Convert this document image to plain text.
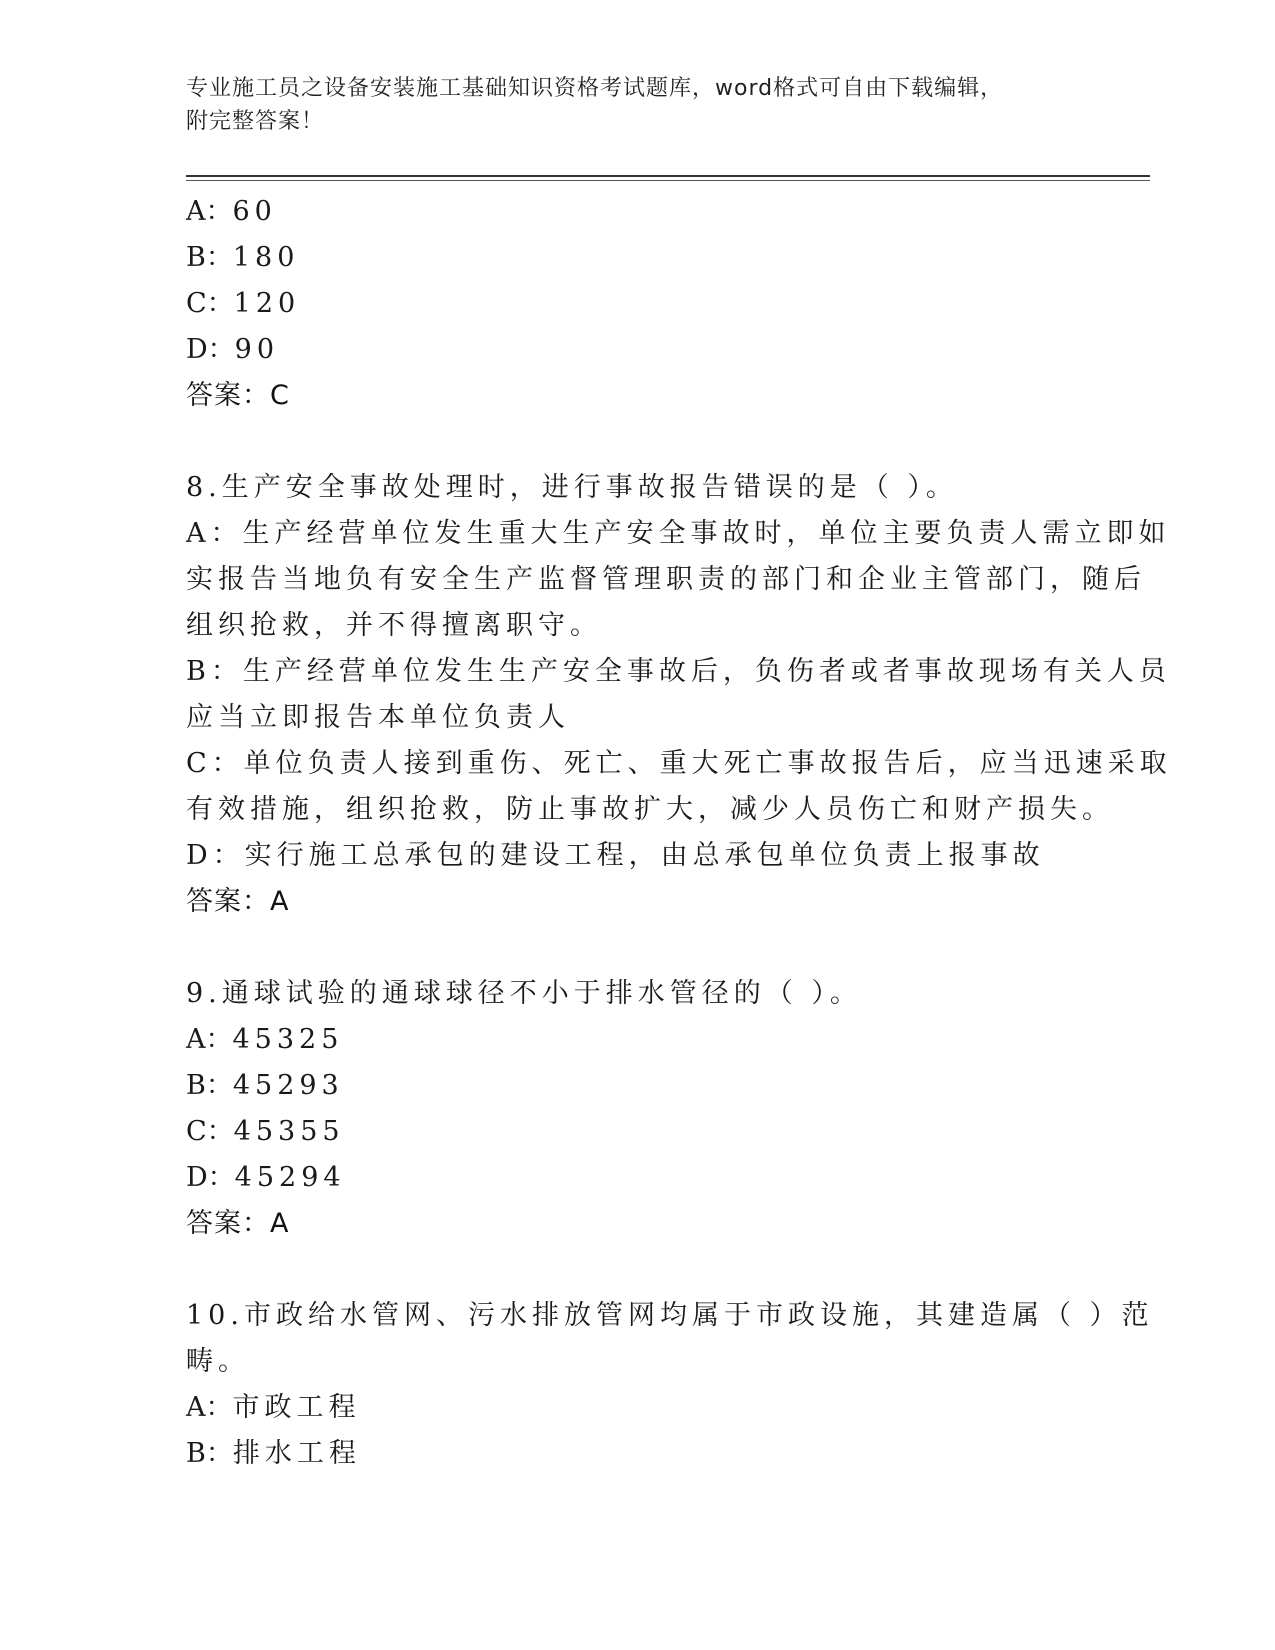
专业施工员之设备安装施工基础知识资格考试题库，word格式可自由下载编辑，
附完整答案！
A：60
B：180
C：120
D：90
答案：C
8.生产安全事故处理时，进行事故报告错误的是（ ）。
A：生产经营单位发生重大生产安全事故时，单位主要负责人需立即如
实报告当地负有安全生产监督管理职责的部门和企业主管部门，随后
组织抢救，并不得擅离职守。
B：生产经营单位发生生产安全事故后，负伤者或者事故现场有关人员
应当立即报告本单位负责人
C：单位负责人接到重伤、死亡、重大死亡事故报告后，应当迅速采取
有效措施，组织抢救，防止事故扩大，减少人员伤亡和财产损失。
D：实行施工总承包的建设工程，由总承包单位负责上报事故
答案：A
9.通球试验的通球球径不小于排水管径的（ ）。
A：45325
B：45293
C：45355
D：45294
答案：A
10.市政给水管网、污水排放管网均属于市政设施，其建造属（ ）范
畴。
A：市政工程
B：排水工程
